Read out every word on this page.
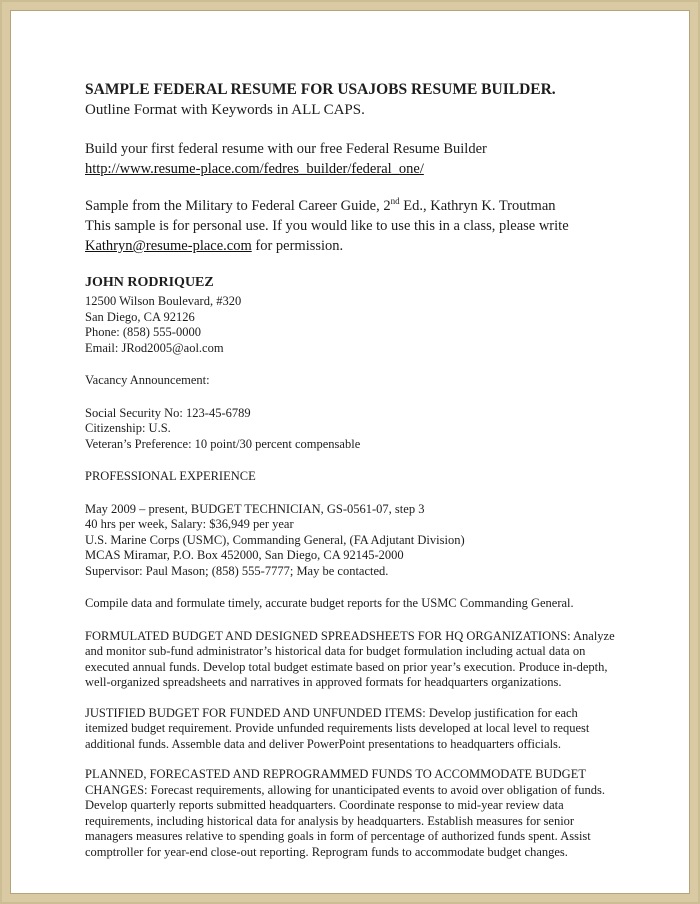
SAMPLE FEDERAL RESUME FOR USAJOBS RESUME BUILDER.

Outline Format with Keywords in ALL CAPS.

Build your first federal resume with our free Federal Resume Builder

http://www.resume-place.com/fedres_builder/federal_one/

Sample from the Military to Federal Career Guide, 2nd Ed., Kathryn K. Troutman

This sample is for personal use. If you would like to use this in a class, please write

Kathryn@resume-place.com for permission.

JOHN RODRIQUEZ

12500 Wilson Boulevard, #320

San Diego, CA 92126

Phone: (858) 555-0000

Email: JRod2005@aol.com

Vacancy Announcement:

Social Security No: 123-45-6789

Citizenship: U.S.

Veteran’s Preference: 10 point/30 percent compensable

PROFESSIONAL EXPERIENCE

May 2009 – present, BUDGET TECHNICIAN, GS-0561-07, step 3

40 hrs per week, Salary: $36,949 per year

U.S. Marine Corps (USMC), Commanding General, (FA Adjutant Division)

MCAS Miramar, P.O. Box 452000, San Diego, CA 92145-2000

Supervisor: Paul Mason; (858) 555-7777; May be contacted.

Compile data and formulate timely, accurate budget reports for the USMC Commanding General.

FORMULATED BUDGET AND DESIGNED SPREADSHEETS FOR HQ ORGANIZATIONS: Analyze and monitor sub-fund administrator’s historical data for budget formulation including actual data on executed annual funds. Develop total budget estimate based on prior year’s execution. Produce in-depth, well-organized spreadsheets and narratives in approved formats for headquarters organizations.

JUSTIFIED BUDGET FOR FUNDED AND UNFUNDED ITEMS: Develop justification for each itemized budget requirement. Provide unfunded requirements lists developed at local level to request additional funds. Assemble data and deliver PowerPoint presentations to headquarters officials.

PLANNED, FORECASTED AND REPROGRAMMED FUNDS TO ACCOMMODATE BUDGET CHANGES: Forecast requirements, allowing for unanticipated events to avoid over obligation of funds. Develop quarterly reports submitted headquarters. Coordinate response to mid-year review data requirements, including historical data for analysis by headquarters. Establish measures for senior managers measures relative to spending goals in form of percentage of authorized funds spent. Assist comptroller for year-end close-out reporting. Reprogram funds to accommodate budget changes.
